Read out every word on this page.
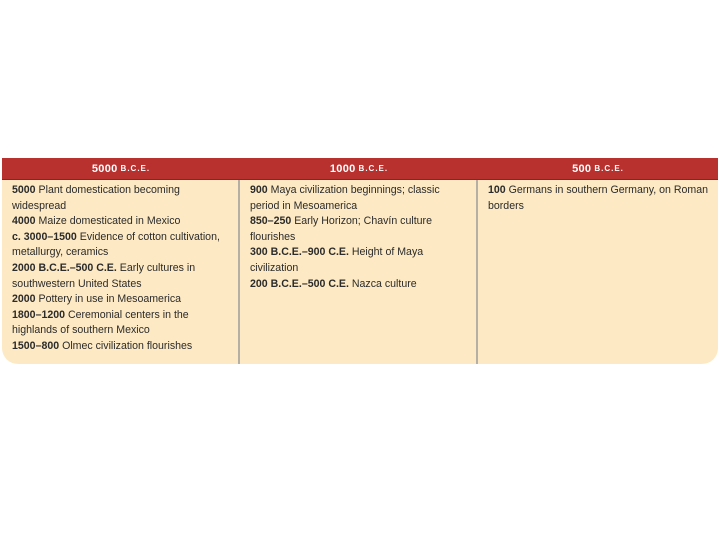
5000 B.C.E.	1000 B.C.E.	500 B.C.E.

5000 Plant domestication becoming widespread

4000 Maize domesticated in Mexico

c. 3000–1500 Evidence of cotton cultivation, metallurgy, ceramics

2000 B.C.E.–500 C.E. Early cultures in southwestern United States

2000 Pottery in use in Mesoamerica

1800–1200 Ceremonial centers in the highlands of southern Mexico

1500–800 Olmec civilization flourishes

900 Maya civilization beginnings; classic period in Mesoamerica

850–250 Early Horizon; Chavín culture flourishes

300 B.C.E.–900 C.E. Height of Maya civilization

200 B.C.E.–500 C.E. Nazca culture

100 Germans in southern Germany, on Roman borders
